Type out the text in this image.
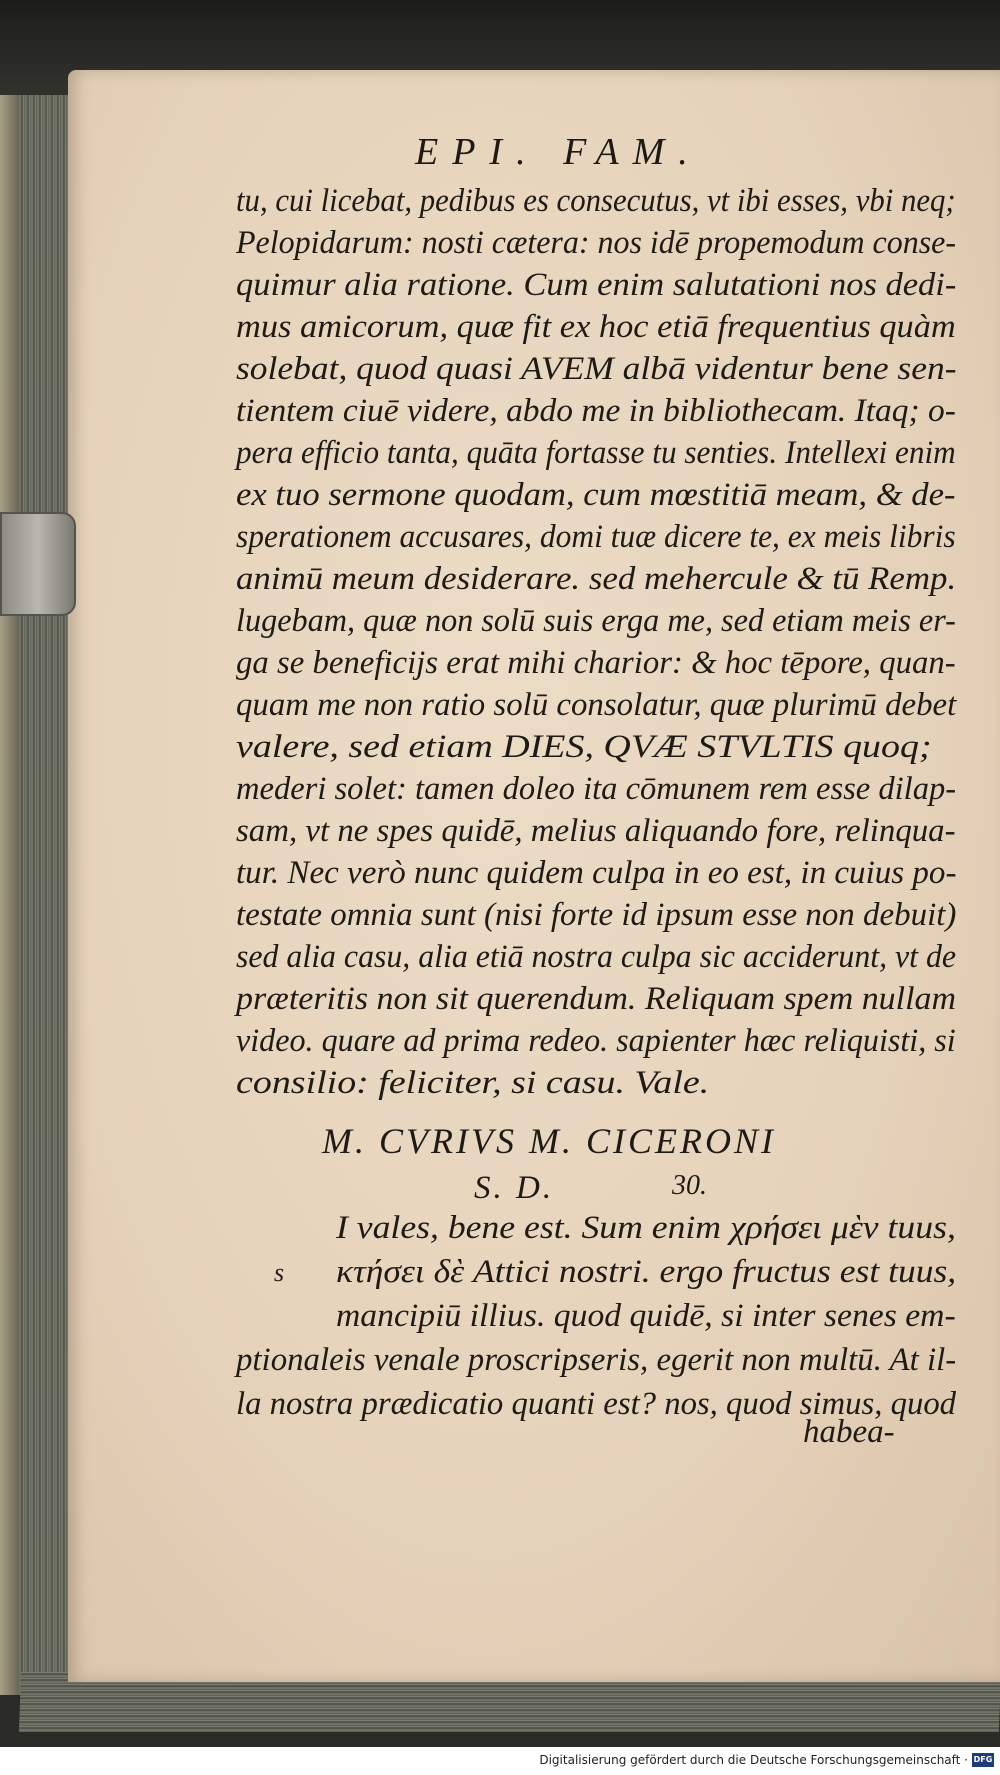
EPI. FAM.
tu, cui licebat, pedibus es consecutus, vt ibi esses, vbi neq;
Pelopidarum: nosti cætera: nos idē propemodum conse-
quimur alia ratione. Cum enim salutationi nos dedi-
mus amicorum, quæ fit ex hoc etiā frequentius quàm
solebat, quod quasi AVEM albā videntur bene sen-
tientem ciuē videre, abdo me in bibliothecam. Itaq; o-
pera efficio tanta, quāta fortasse tu senties. Intellexi enim
ex tuo sermone quodam, cum mœstitiā meam, & de-
sperationem accusares, domi tuæ dicere te, ex meis libris
animū meum desiderare. sed mehercule & tū Remp.
lugebam, quæ non solū suis erga me, sed etiam meis er-
ga se beneficijs erat mihi charior: & hoc tēpore, quan-
quam me non ratio solū consolatur, quæ plurimū debet
valere, sed etiam DIES, QVÆ STVLTIS quoq;
mederi solet: tamen doleo ita cōmunem rem esse dilap-
sam, vt ne spes quidē, melius aliquando fore, relinqua-
tur. Nec verò nunc quidem culpa in eo est, in cuius po-
testate omnia sunt (nisi forte id ipsum esse non debuit)
sed alia casu, alia etiā nostra culpa sic acciderunt, vt de
præteritis non sit querendum. Reliquam spem nullam
video. quare ad prima redeo. sapienter hæc reliquisti, si
consilio: feliciter, si casu. Vale.
M. CVRIVS M. CICERONI
S. D.	30.
s
I vales, bene est. Sum enim χρήσει μὲν tuus,
κτήσει δὲ Attici nostri. ergo fructus est tuus,
mancipiū illius. quod quidē, si inter senes em-
ptionaleis venale proscripseris, egerit non multū. At il-
la nostra prædicatio quanti est? nos, quod simus, quod
habea-
Digitalisierung gefördert durch die Deutsche Forschungsgemeinschaft · DFG
